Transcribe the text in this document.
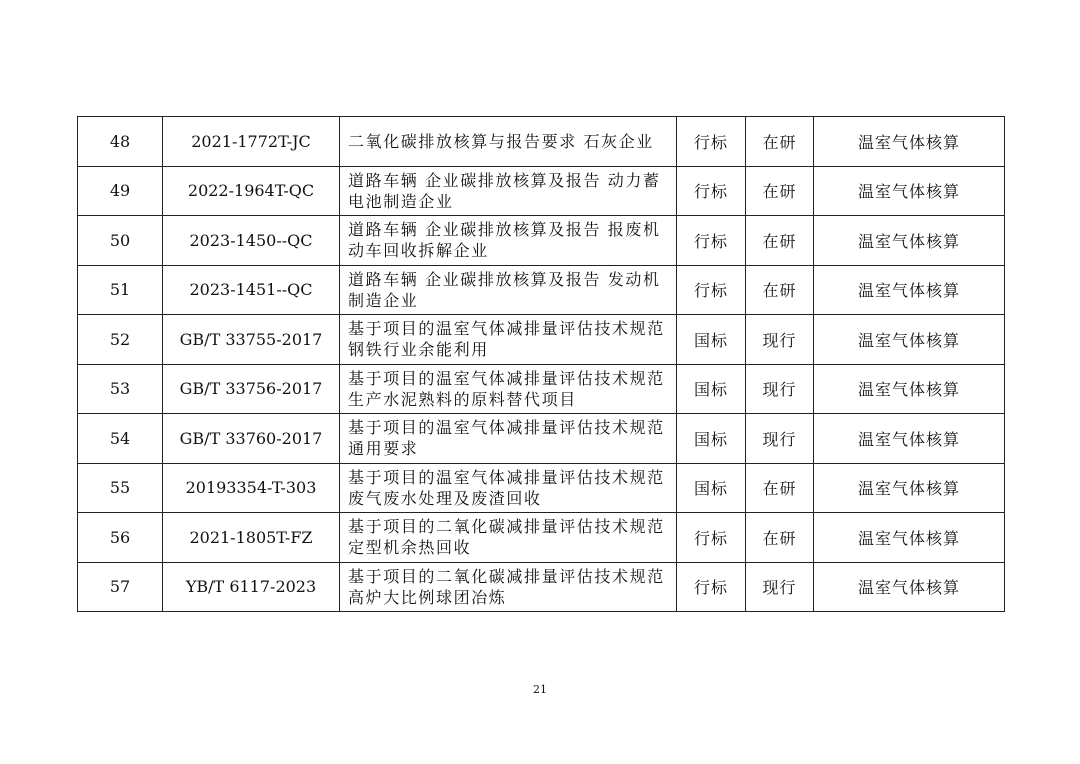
48	2021-1772T-JC	二氧化碳排放核算与报告要求 石灰企业	行标	在研	温室气体核算
49	2022-1964T-QC	道路车辆 企业碳排放核算及报告 动力蓄电池制造企业	行标	在研	温室气体核算
50	2023-1450--QC	道路车辆 企业碳排放核算及报告 报废机动车回收拆解企业	行标	在研	温室气体核算
51	2023-1451--QC	道路车辆 企业碳排放核算及报告 发动机制造企业	行标	在研	温室气体核算
52	GB/T 33755-2017	基于项目的温室气体减排量评估技术规范钢铁行业余能利用	国标	现行	温室气体核算
53	GB/T 33756-2017	基于项目的温室气体减排量评估技术规范生产水泥熟料的原料替代项目	国标	现行	温室气体核算
54	GB/T 33760-2017	基于项目的温室气体减排量评估技术规范通用要求	国标	现行	温室气体核算
55	20193354-T-303	基于项目的温室气体减排量评估技术规范废气废水处理及废渣回收	国标	在研	温室气体核算
56	2021-1805T-FZ	基于项目的二氧化碳减排量评估技术规范定型机余热回收	行标	在研	温室气体核算
57	YB/T 6117-2023	基于项目的二氧化碳减排量评估技术规范高炉大比例球团冶炼	行标	现行	温室气体核算
21
